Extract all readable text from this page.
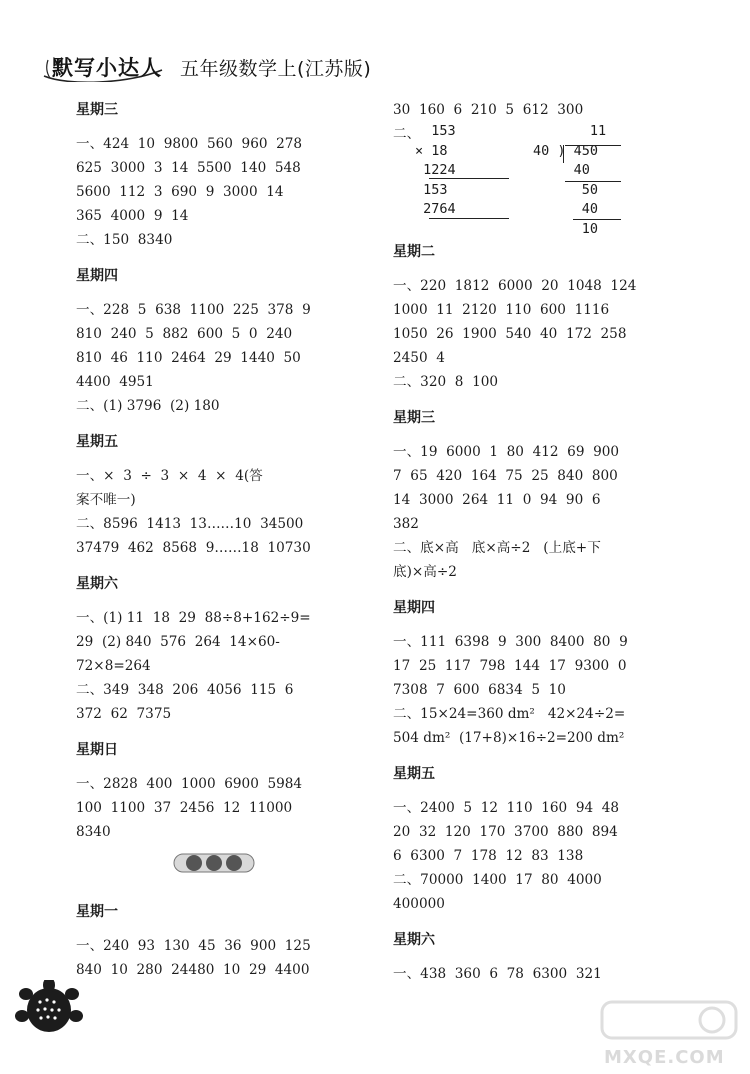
默写小达人 五年级数学上(江苏版)

星期三

一、424  10  9800  560  960  278

625  3000  3  14  5500  140  548

5600  112  3  690  9  3000  14

365  4000  9  14

二、150  8340

星期四

一、228  5  638  1100  225  378  9

810  240  5  882  600  5  0  240

810  46  110  2464  29  1440  50

4400  4951

二、(1) 3796  (2) 180

星期五

一、×  3  ÷  3  ×  4  ×  4(答

案不唯一)

二、8596  1413  13……10  34500

37479  462  8568  9……18  10730

星期六

一、(1) 11  18  29  88÷8+162÷9=

29  (2) 840  576  264  14×60-

72×8=264

二、349  348  206  4056  115  6

372  62  7375

星期日

一、2828  400  1000  6900  5984

100  1100  37  2456  12  11000

8340

星期一

一、240  93  130  45  36  900  125

840  10  280  24480  10  29  4400

30  160  6  210  5  612  300

二、 153
× 18
1224
153
2764
11
40 ) 450
40
50
40
10

星期二

一、220  1812  6000  20  1048  124

1000  11  2120  110  600  1116

1050  26  1900  540  40  172  258

2450  4

二、320  8  100

星期三

一、19  6000  1  80  412  69  900

7  65  420  164  75  25  840  800

14  3000  264  11  0  94  90  6

382

二、底×高   底×高÷2   (上底+下

底)×高÷2

星期四

一、111  6398  9  300  8400  80  9

17  25  117  798  144  17  9300  0

7308  7  600  6834  5  10

二、15×24=360 dm²   42×24÷2=

504 dm²  (17+8)×16÷2=200 dm²

星期五

一、2400  5  12  110  160  94  48

20  32  120  170  3700  880  894

6  6300  7  178  12  83  138

二、70000  1400  17  80  4000

400000

星期六

一、438  360  6  78  6300  321

MXQE.COM
